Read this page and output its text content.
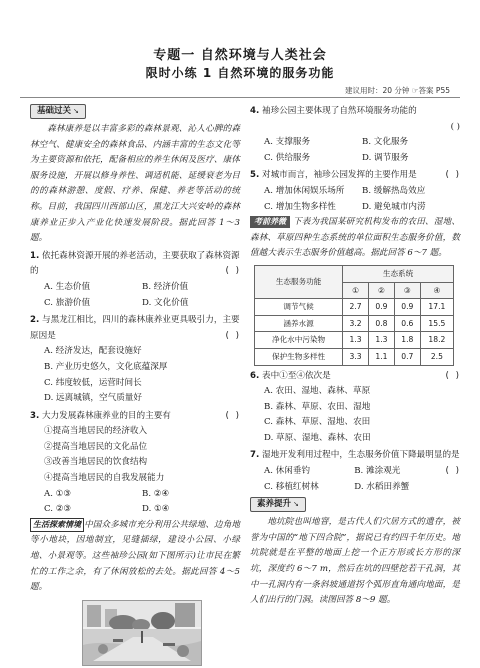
专题一 自然环境与人类社会
限时小练 1 自然环境的服务功能
建议用时：20 分钟 ☞答案 P55
基础过关 ↘

森林康养是以丰富多彩的森林景观、沁人心脾的森林空气、健康安全的森林食品、内涵丰富的生态文化等为主要资源和依托，配备相应的养生休闲及医疗、康体服务设施，开展以修身养性、调适机能、延缓衰老为目的的森林游憩、度假、疗养、保健、养老等活动的统称。目前，我国四川西部山区，黑龙江大兴安岭的森林康养业正步入产业化快速发展阶段。据此回答 1～3 题。

1. 依托森林资源开展的养老活动，主要获取了森林资源的	( )

A. 生态价值	B. 经济价值
C. 旅游价值	D. 文化价值

2. 与黑龙江相比，四川的森林康养业更具吸引力，主要原因是	( )

A. 经济发达，配套设施好
B. 产业历史悠久，文化底蕴深厚
C. 纬度较低，运营时间长
D. 远离城镇，空气质量好

3. 大力发展森林康养业的目的主要有	( )

①提高当地居民的经济收入
②提高当地居民的文化品位
③改善当地居民的饮食结构
④提高当地居民的自我发展能力
A. ①③	B. ②④
C. ②③	D. ①④

生活探索情境 中国众多城市充分利用公共绿地、边角地等小地块，因地制宜，见缝插绿，建设小公园、小绿地、小景观等。这些袖珍公园(如下图所示)让市民在繁忙的工作之余，有了休闲放松的去处。据此回答 4～5 题。

4. 袖珍公园主要体现了自然环境服务功能的

( )

A. 支撑服务	B. 文化服务
C. 供给服务	D. 调节服务

5. 对城市而言，袖珍公园发挥的主要作用是	( )

A. 增加休闲娱乐场所	B. 缓解热岛效应
C. 增加生物多样性	D. 避免城市内涝

考前养微 下表为我国某研究机构发布的农田、湿地、森林、草原四种生态系统的单位面积生态服务价值，数值越大表示生态服务价值越高。据此回答 6～7 题。

生态服务功能	生态系统			
	①	②	③	④
调节气候	2.7	0.9	0.9	17.1
涵养水源	3.2	0.8	0.6	15.5
净化水中污染物	1.3	1.3	1.8	18.2
保护生物多样性	3.3	1.1	0.7	2.5

6. 表中①至④依次是	( )

A. 农田、湿地、森林、草原
B. 森林、草原、农田、湿地
C. 森林、草原、湿地、农田
D. 草原、湿地、森林、农田

7. 湿地开发利用过程中，生态服务价值下降最明显的是
( )

A. 休闲垂钓	B. 滩涂观光
C. 移植红树林	D. 水稻田养蟹
素养提升 ↘

地坑院也叫地窨，是古代人们穴居方式的遗存，被誉为中国的“地下四合院”，据说已有约四千年历史。地坑院就是在平整的地面上挖一个正方形或长方形的深坑，深度约 6～7 m，然后在坑的四壁挖若干孔洞，其中一孔洞内有一条斜坡通道拐个弧形直角通向地面，是人们出行的门洞。读图回答 8～9 题。
